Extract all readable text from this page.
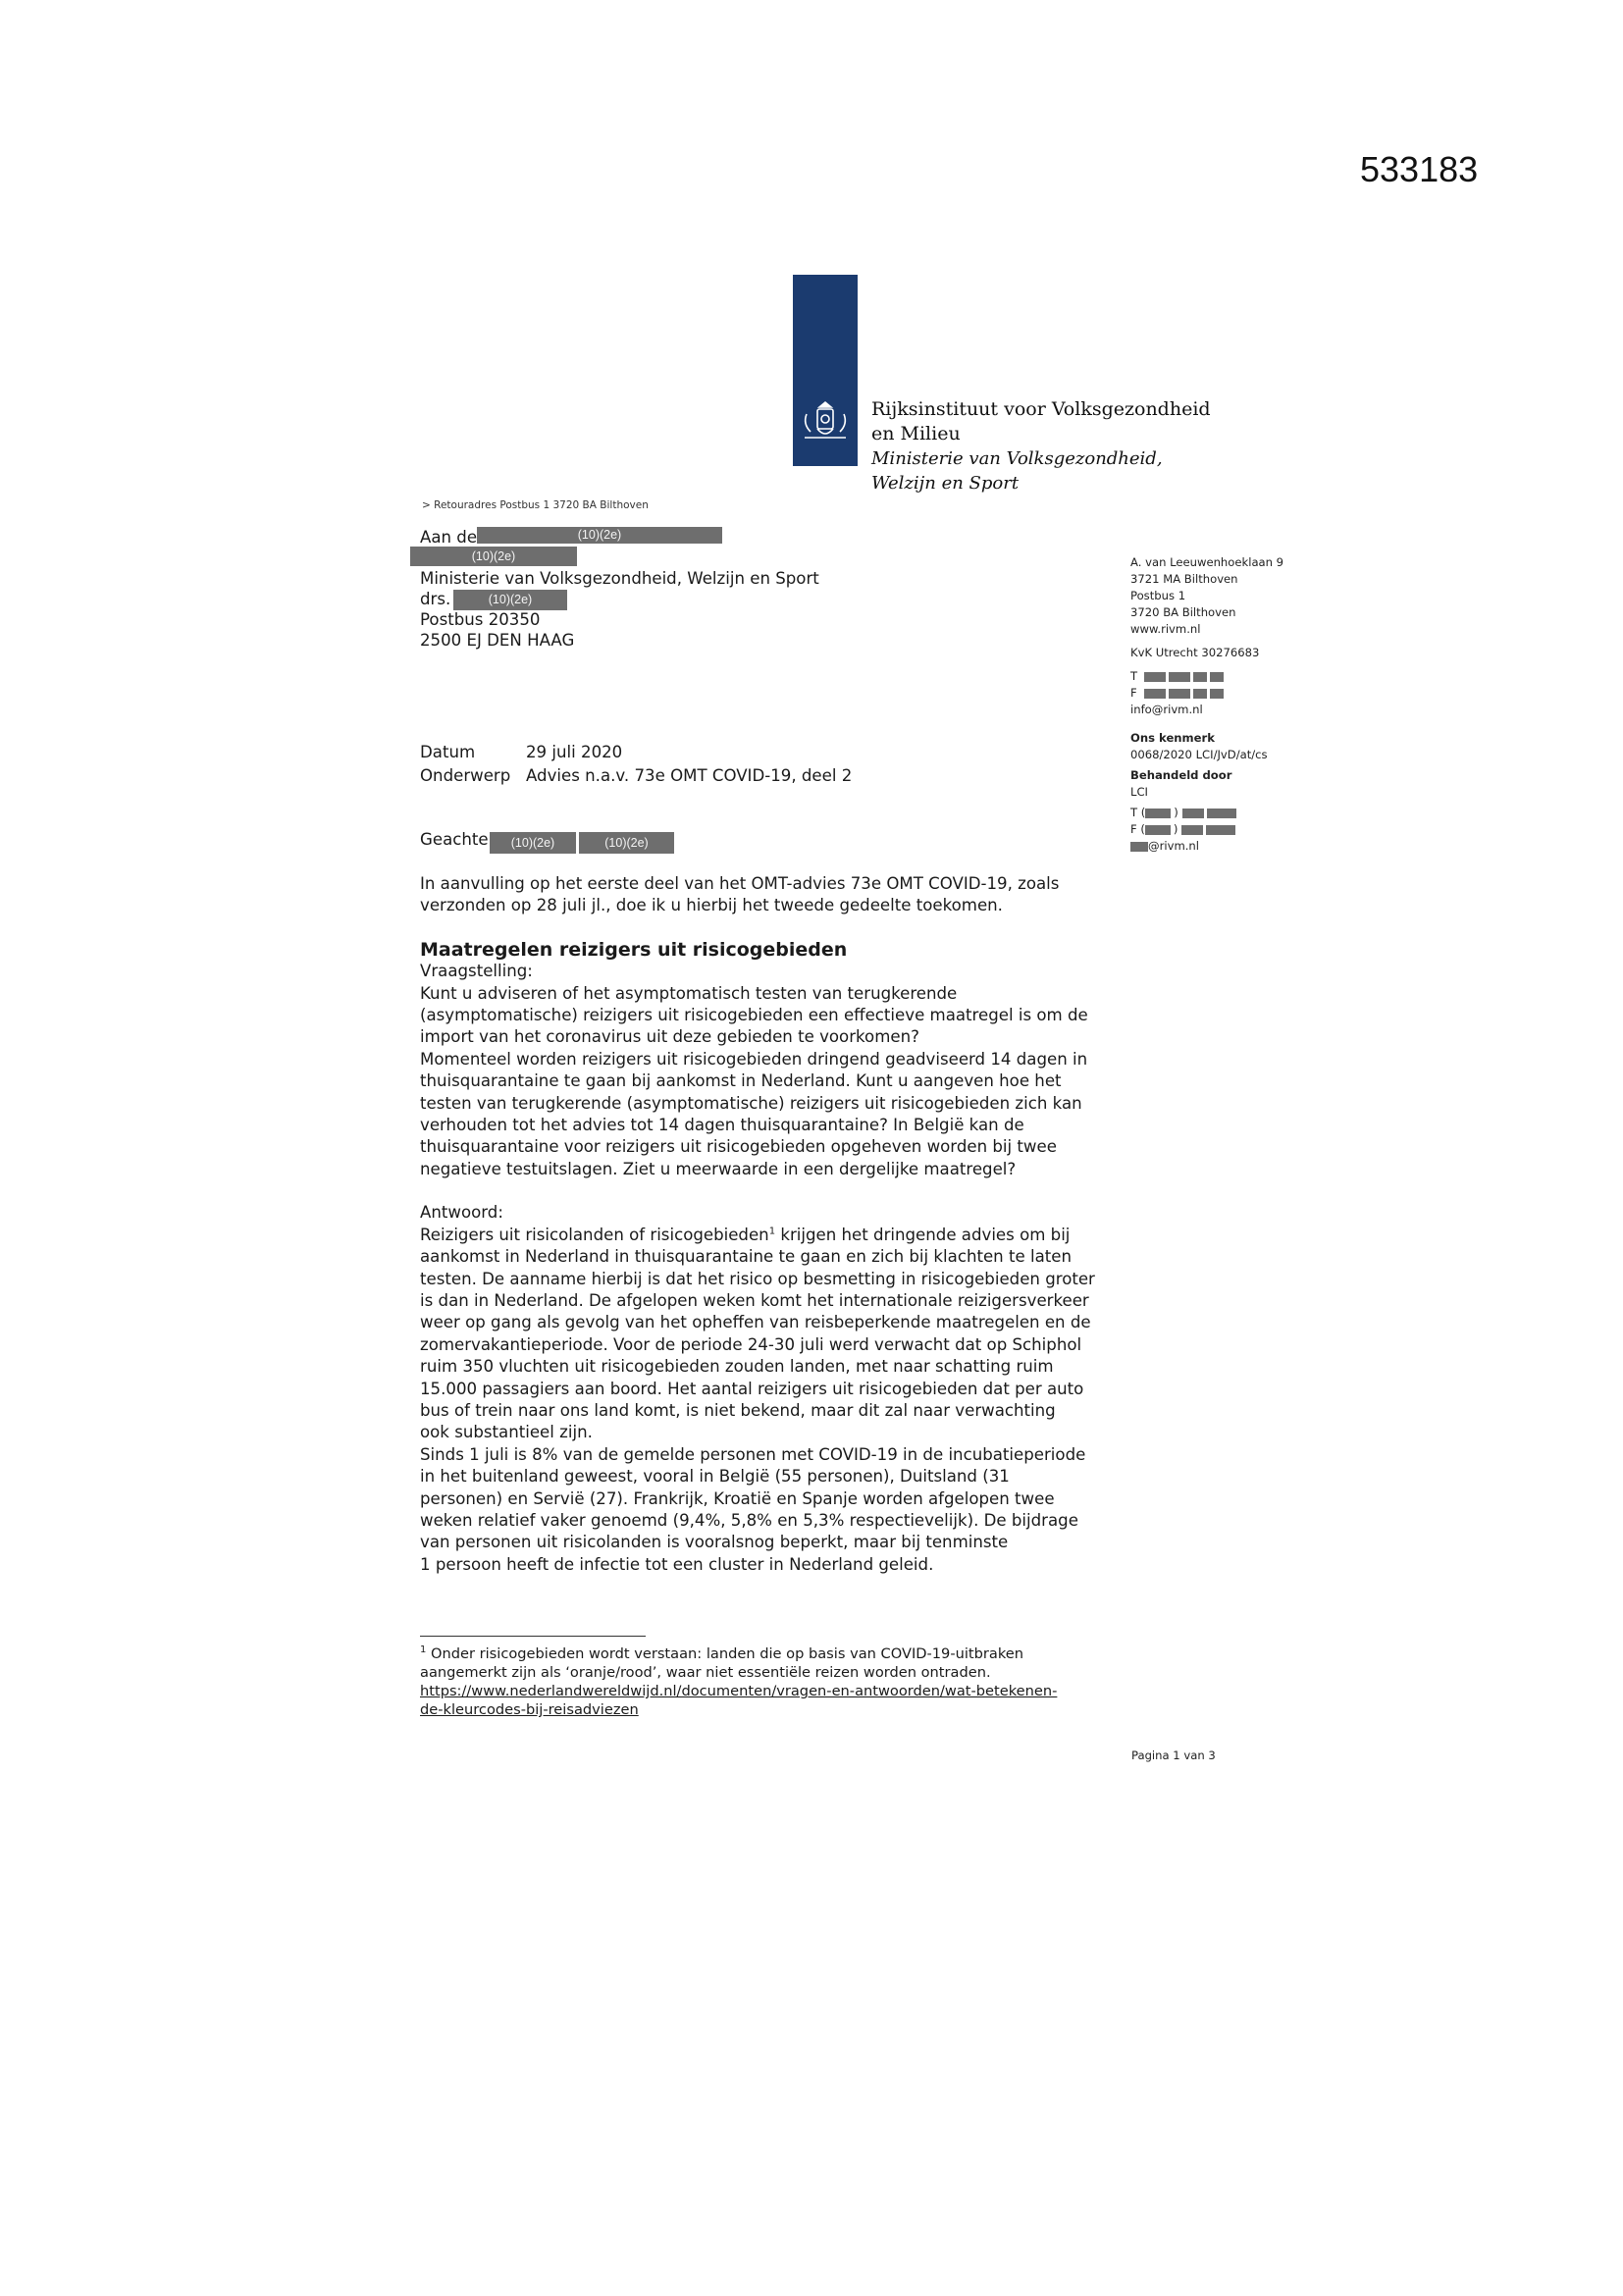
533183
Rijksinstituut voor Volksgezondheid
en Milieu
Ministerie van Volksgezondheid,
Welzijn en Sport
> Retouradres Postbus 1 3720 BA Bilthoven
Aan de
Ministerie van Volksgezondheid, Welzijn en Sport
drs.
Postbus 20350
2500 EJ DEN HAAG
(10)(2e)
(10)(2e)
(10)(2e)
A. van Leeuwenhoeklaan 9
3721 MA Bilthoven
Postbus 1
3720 BA Bilthoven
www.rivm.nl
KvK Utrecht 30276683
T
F
info@rivm.nl
Ons kenmerk
0068/2020 LCI/JvD/at/cs
Behandeld door
LCI
T (	)
F (	)
@rivm.nl
Datum	29 juli 2020
Onderwerp Advies n.a.v. 73e OMT COVID-19, deel 2
Geachte	(10)(2e)	(10)(2e)
In aanvulling op het eerste deel van het OMT-advies 73e OMT COVID-19, zoals
verzonden op 28 juli jl., doe ik u hierbij het tweede gedeelte toekomen.
Maatregelen reizigers uit risicogebieden
Vraagstelling:
Kunt u adviseren of het asymptomatisch testen van terugkerende
(asymptomatische) reizigers uit risicogebieden een effectieve maatregel is om de
import van het coronavirus uit deze gebieden te voorkomen?
Momenteel worden reizigers uit risicogebieden dringend geadviseerd 14 dagen in
thuisquarantaine te gaan bij aankomst in Nederland. Kunt u aangeven hoe het
testen van terugkerende (asymptomatische) reizigers uit risicogebieden zich kan
verhouden tot het advies tot 14 dagen thuisquarantaine? In België kan de
thuisquarantaine voor reizigers uit risicogebieden opgeheven worden bij twee
negatieve testuitslagen. Ziet u meerwaarde in een dergelijke maatregel?
Antwoord:
Reizigers uit risicolanden of risicogebieden$^1$ krijgen het dringende advies om bij
aankomst in Nederland in thuisquarantaine te gaan en zich bij klachten te laten
testen. De aanname hierbij is dat het risico op besmetting in risicogebieden groter
is dan in Nederland. De afgelopen weken komt het internationale reizigersverkeer
weer op gang als gevolg van het opheffen van reisbeperkende maatregelen en de
zomervakantieperiode. Voor de periode 24-30 juli werd verwacht dat op Schiphol
ruim 350 vluchten uit risicogebieden zouden landen, met naar schatting ruim
15.000 passagiers aan boord. Het aantal reizigers uit risicogebieden dat per auto
bus of trein naar ons land komt, is niet bekend, maar dit zal naar verwachting
ook substantieel zijn.
Sinds 1 juli is 8% van de gemelde personen met COVID-19 in de incubatieperiode
in het buitenland geweest, vooral in België (55 personen), Duitsland (31
personen) en Servië (27). Frankrijk, Kroatië en Spanje worden afgelopen twee
weken relatief vaker genoemd (9,4%, 5,8% en 5,3% respectievelijk). De bijdrage
van personen uit risicolanden is vooralsnog beperkt, maar bij tenminste
1 persoon heeft de infectie tot een cluster in Nederland geleid.
$^1$ Onder risicogebieden wordt verstaan: landen die op basis van COVID-19-uitbraken
aangemerkt zijn als ‘oranje/rood’, waar niet essentiële reizen worden ontraden.
https://www.nederlandwereldwijd.nl/documenten/vragen-en-antwoorden/wat-betekenen-
de-kleurcodes-bij-reisadviezen
Pagina 1 van 3
